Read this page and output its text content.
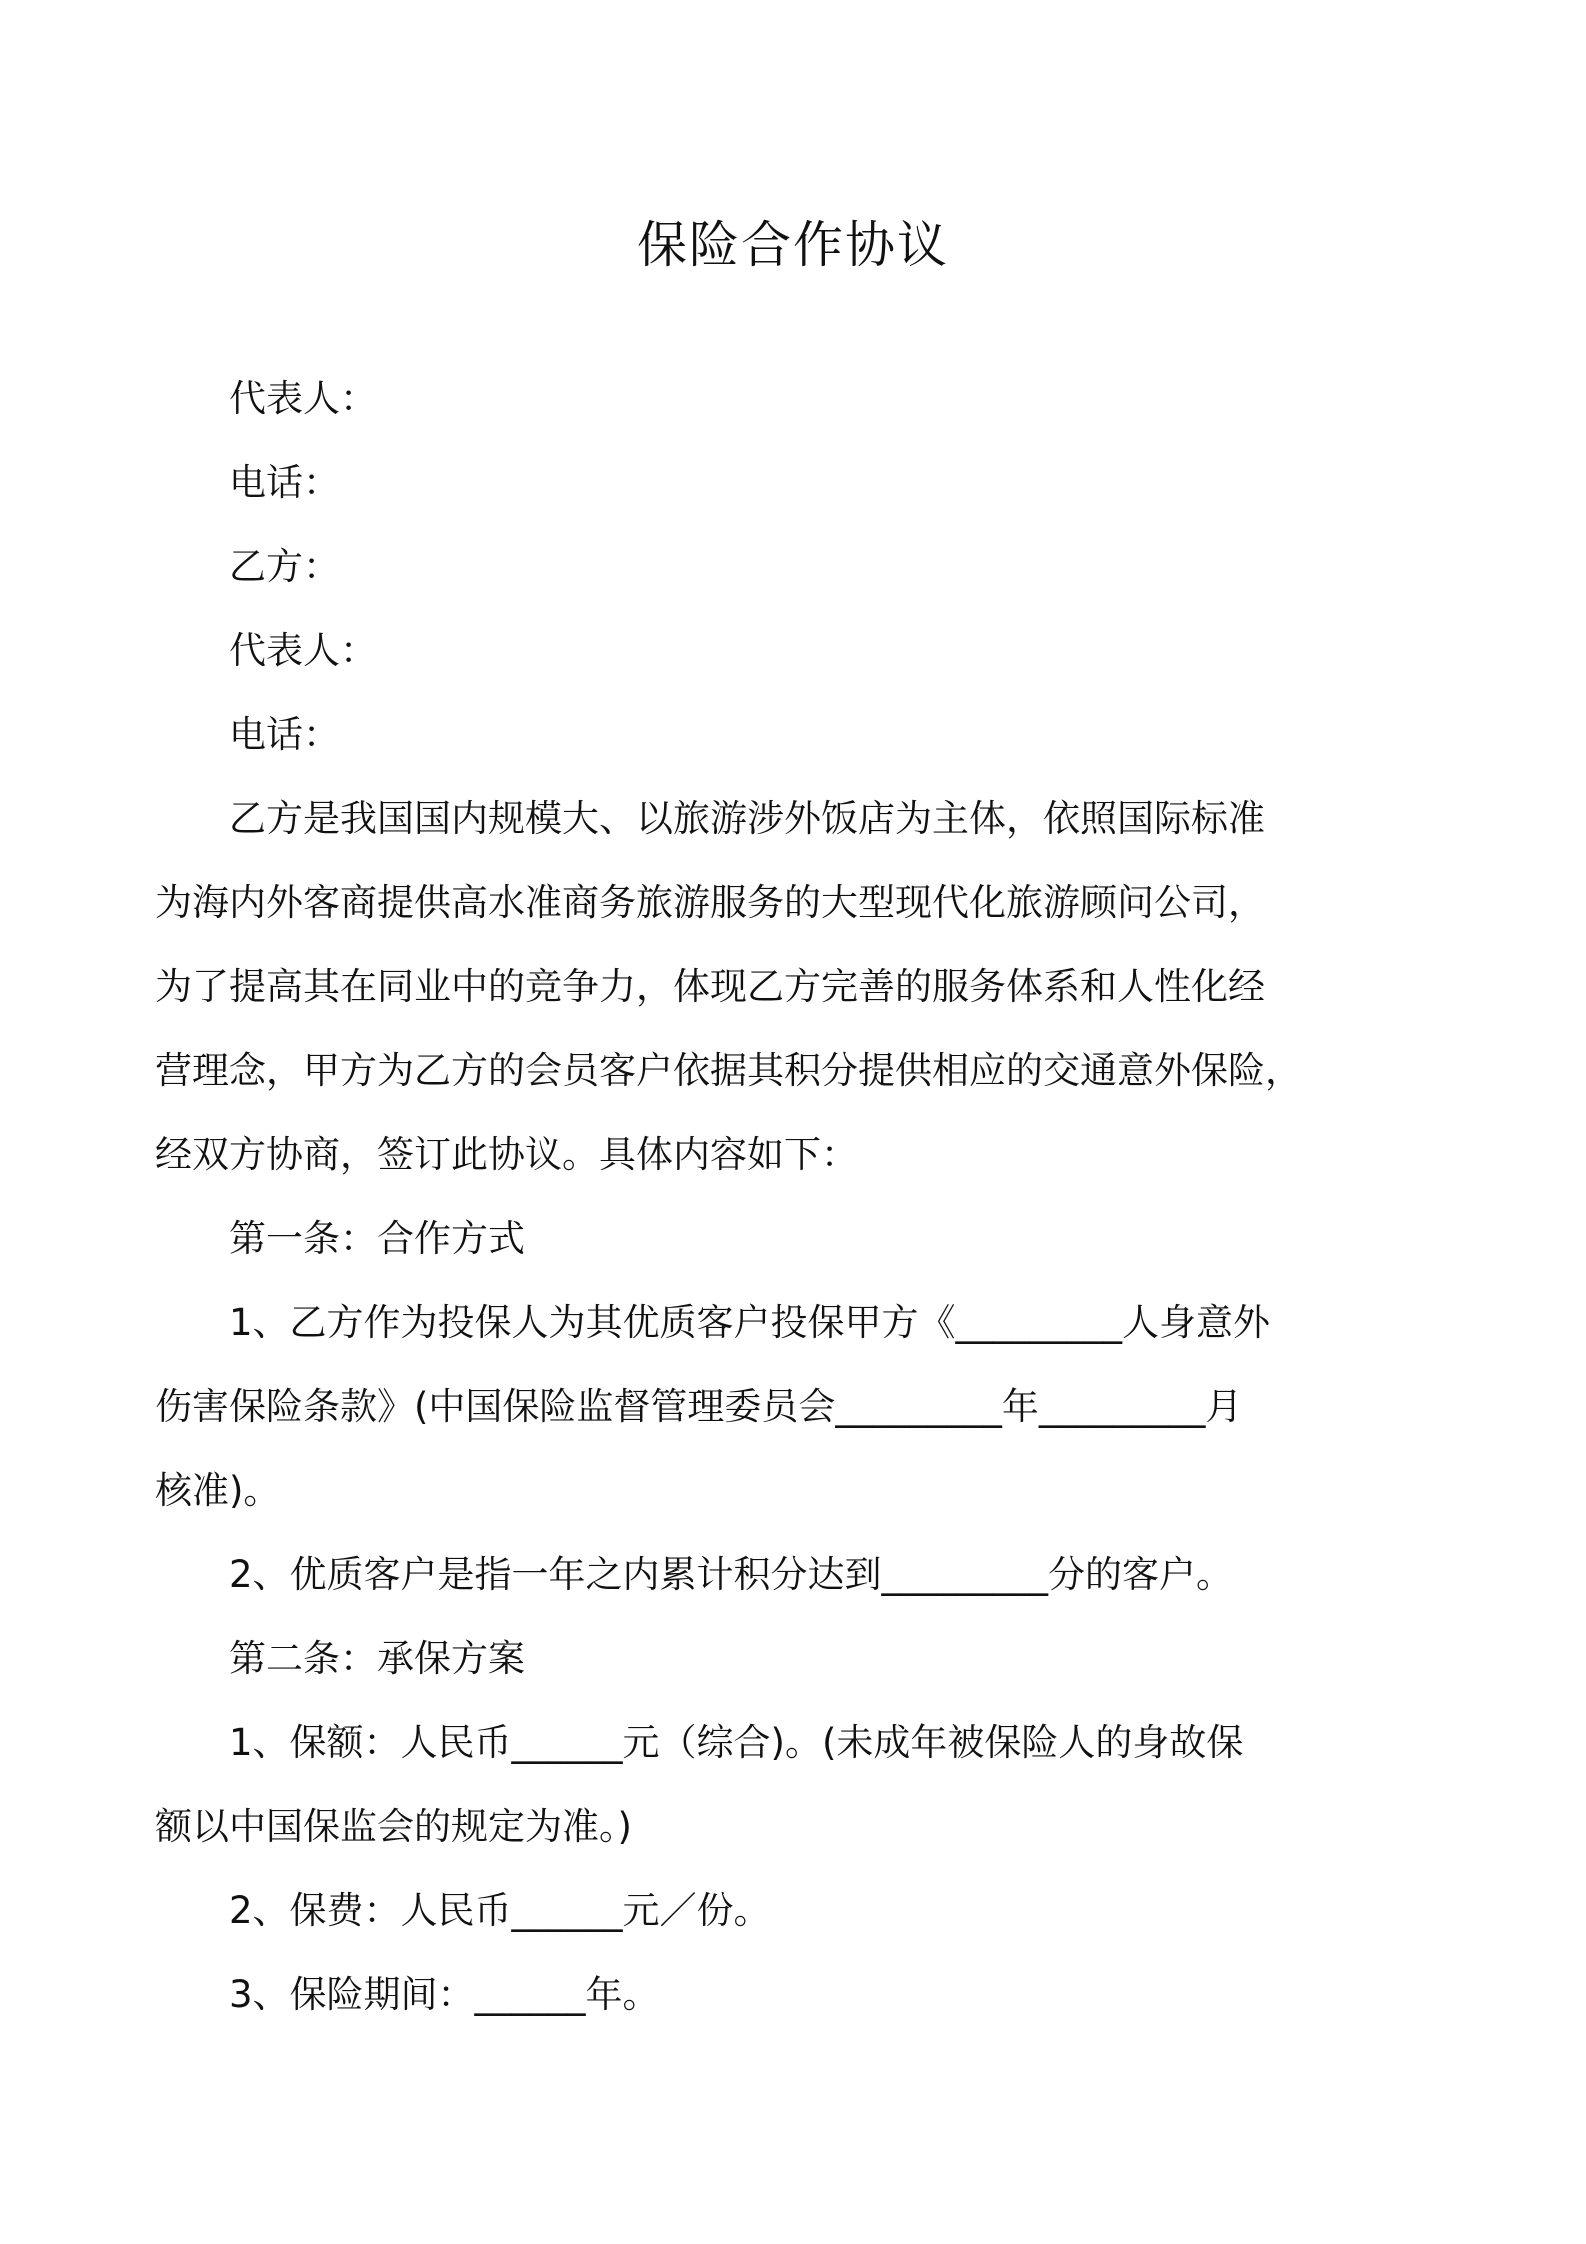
保险合作协议
代表人：
电话：
乙方：
代表人：
电话：
乙方是我国国内规模大、以旅游涉外饭店为主体，依照国际标准
为海内外客商提供高水准商务旅游服务的大型现代化旅游顾问公司，
为了提高其在同业中的竞争力，体现乙方完善的服务体系和人性化经
营理念，甲方为乙方的会员客户依据其积分提供相应的交通意外保险，
经双方协商，签订此协议。具体内容如下：
第一条：合作方式
1、乙方作为投保人为其优质客户投保甲方《_________人身意外
伤害保险条款》(中国保险监督管理委员会_________年_________月
核准)。
2、优质客户是指一年之内累计积分达到_________分的客户。
第二条：承保方案
1、保额：人民币______元（综合)。(未成年被保险人的身故保
额以中国保监会的规定为准。)
2、保费：人民币______元／份。
3、保险期间：______年。
